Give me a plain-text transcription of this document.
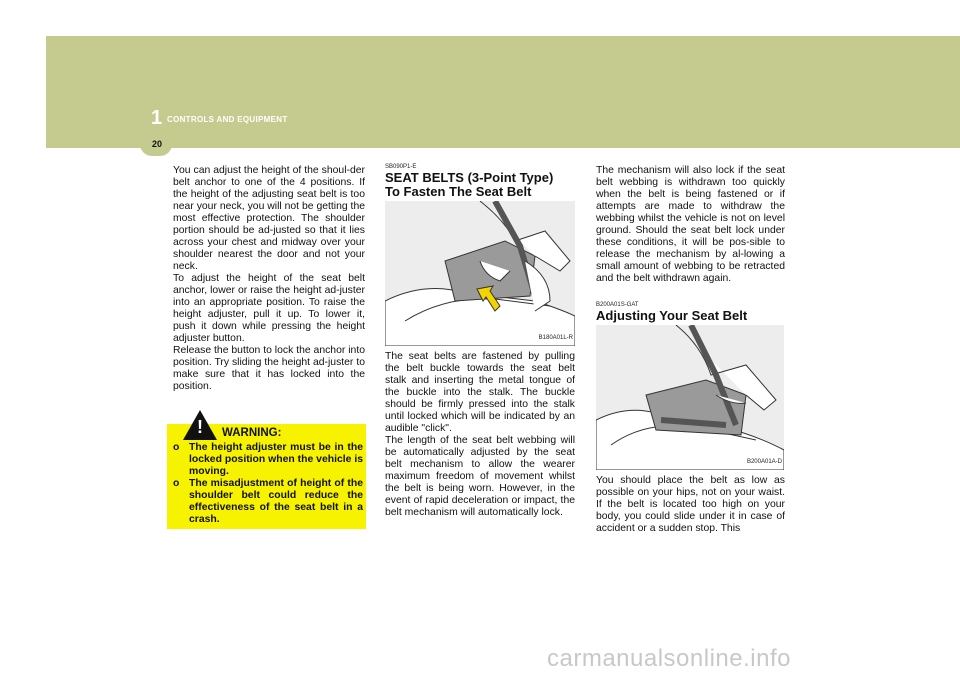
1 CONTROLS AND EQUIPMENT
20

You can adjust the height of the shoul-der belt anchor to one of the 4 positions. If the height of the adjusting seat belt is too near your neck, you will not be getting the most effective protection. The shoulder portion should be ad-justed so that it lies across your chest and midway over your shoulder nearest the door and not your neck.

To adjust the height of the seat belt anchor, lower or raise the height ad-juster into an appropriate position. To raise the height adjuster, pull it up. To lower it, push it down while pressing the height adjuster button.

Release the button to lock the anchor into position. Try sliding the height ad-juster to make sure that it has locked into the position.

! WARNING:

o The height adjuster must be in the locked position when the vehicle is moving.

o The misadjustment of height of the shoulder belt could reduce the effectiveness of the seat belt in a crash.

SB090P1-E

SEAT BELTS (3-Point Type)

To Fasten The Seat Belt

B180A01L-R

The seat belts are fastened by pulling the belt buckle towards the seat belt stalk and inserting the metal tongue of the buckle into the stalk. The buckle should be firmly pressed into the stalk until locked which will be indicated by an audible "click".

The length of the seat belt webbing will be automatically adjusted by the seat belt mechanism to allow the wearer maximum freedom of movement whilst the belt is being worn. However, in the event of rapid deceleration or impact, the belt mechanism will automatically lock.

The mechanism will also lock if the seat belt webbing is withdrawn too quickly when the belt is being fastened or if attempts are made to withdraw the webbing whilst the vehicle is not on level ground. Should the seat belt lock under these conditions, it will be pos-sible to release the mechanism by al-lowing a small amount of webbing to be retracted and the belt withdrawn again.

B200A01S-GAT

Adjusting Your Seat Belt

B200A01A-D

You should place the belt as low as possible on your hips, not on your waist. If the belt is located too high on your body, you could slide under it in case of accident or a sudden stop. This

carmanualsonline.info
